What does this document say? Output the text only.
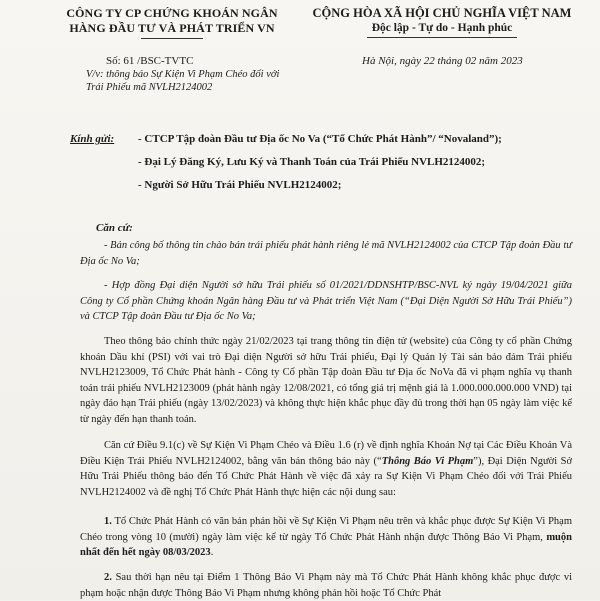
CÔNG TY CP CHỨNG KHOÁN NGÂN
HÀNG ĐẦU TƯ VÀ PHÁT TRIỂN VN
CỘNG HÒA XÃ HỘI CHỦ NGHĨA VIỆT NAM
Độc lập - Tự do - Hạnh phúc
Số: 61 /BSC-TVTC
V/v: thông báo Sự Kiện Vi Phạm Chéo đối với Trái Phiếu mã NVLH2124002
Hà Nội, ngày 22 tháng 02 năm 2023
Kính gửi: - CTCP Tập đoàn Đầu tư Địa ốc No Va (“Tổ Chức Phát Hành”/ “Novaland”);
- Đại Lý Đăng Ký, Lưu Ký và Thanh Toán của Trái Phiếu NVLH2124002;
- Người Sở Hữu Trái Phiếu NVLH2124002;
Căn cứ:
- Bản công bố thông tin chào bán trái phiếu phát hành riêng lẻ mã NVLH2124002 của CTCP Tập đoàn Đầu tư Địa ốc No Va;
- Hợp đồng Đại diện Người sở hữu Trái phiếu số 01/2021/DDNSHTP/BSC-NVL ký ngày 19/04/2021 giữa Công ty Cổ phần Chứng khoán Ngân hàng Đầu tư và Phát triển Việt Nam (“Đại Diện Người Sở Hữu Trái Phiếu”) và CTCP Tập đoàn Đầu tư Địa ốc No Va;
Theo thông báo chính thức ngày 21/02/2023 tại trang thông tin điện tử (website) của Công ty cổ phần Chứng khoán Dầu khí (PSI) với vai trò Đại diện Người sở hữu Trái phiếu, Đại lý Quản lý Tài sản bảo đảm Trái phiếu NVLH2123009, Tổ Chức Phát hành - Công ty Cổ phần Tập đoàn Đầu tư Địa ốc NoVa đã vi phạm nghĩa vụ thanh toán trái phiếu NVLH2123009 (phát hành ngày 12/08/2021, có tổng giá trị mệnh giá là 1.000.000.000.000 VND) tại ngày đáo hạn Trái phiếu (ngày 13/02/2023) và không thực hiện khắc phục đầy đủ trong thời hạn 05 ngày làm việc kể từ ngày đến hạn thanh toán.
Căn cứ Điều 9.1(c) về Sự Kiện Vi Phạm Chéo và Điều 1.6 (r) về định nghĩa Khoản Nợ tại Các Điều Khoản Và Điều Kiện Trái Phiếu NVLH2124002, bằng văn bản thông báo này (“Thông Báo Vi Phạm”), Đại Diện Người Sở Hữu Trái Phiếu thông báo đến Tổ Chức Phát Hành về việc đã xảy ra Sự Kiện Vi Phạm Chéo đối với Trái Phiếu NVLH2124002 và đề nghị Tổ Chức Phát Hành thực hiện các nội dung sau:
1. Tổ Chức Phát Hành có văn bản phản hồi về Sự Kiện Vi Phạm nêu trên và khắc phục được Sự Kiện Vi Phạm Chéo trong vòng 10 (mười) ngày làm việc kể từ ngày Tổ Chức Phát Hành nhận được Thông Báo Vi Phạm, muộn nhất đến hết ngày 08/03/2023.
2. Sau thời hạn nêu tại Điểm 1 Thông Báo Vi Phạm này mà Tổ Chức Phát Hành không khắc phục được vi phạm hoặc nhận được Thông Báo Vi Phạm nhưng không phản hồi hoặc Tổ Chức Phát
